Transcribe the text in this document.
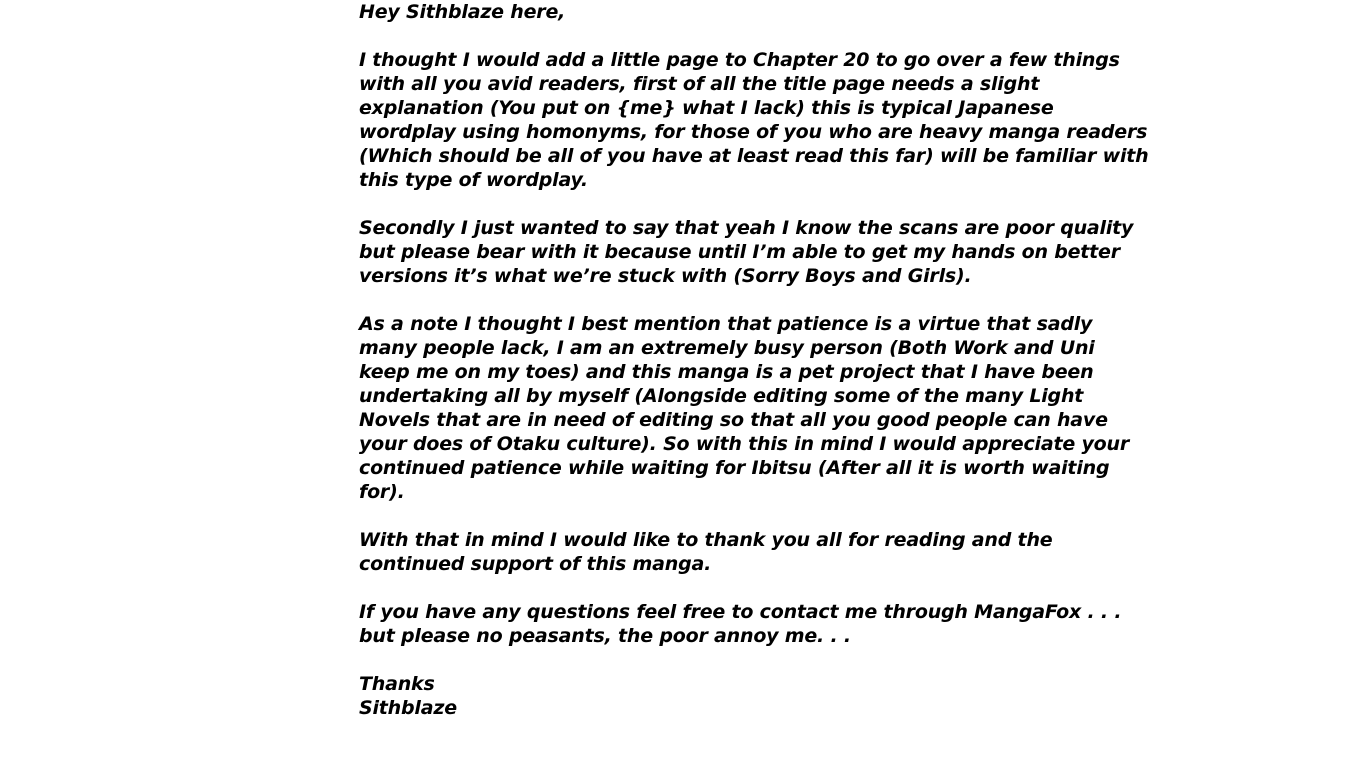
Hey Sithblaze here,

I thought I would add a little page to Chapter 20 to go over a few things
with all you avid readers, first of all the title page needs a slight
explanation (You put on {me} what I lack) this is typical Japanese
wordplay using homonyms, for those of you who are heavy manga readers
(Which should be all of you have at least read this far) will be familiar with
this type of wordplay.

Secondly I just wanted to say that yeah I know the scans are poor quality
but please bear with it because until I’m able to get my hands on better
versions it’s what we’re stuck with (Sorry Boys and Girls).

As a note I thought I best mention that patience is a virtue that sadly
many people lack, I am an extremely busy person (Both Work and Uni
keep me on my toes) and this manga is a pet project that I have been
undertaking all by myself (Alongside editing some of the many Light
Novels that are in need of editing so that all you good people can have
your does of Otaku culture). So with this in mind I would appreciate your
continued patience while waiting for Ibitsu (After all it is worth waiting
for).

With that in mind I would like to thank you all for reading and the
continued support of this manga.

If you have any questions feel free to contact me through MangaFox . . .
but please no peasants, the poor annoy me. . .

Thanks

Sithblaze
